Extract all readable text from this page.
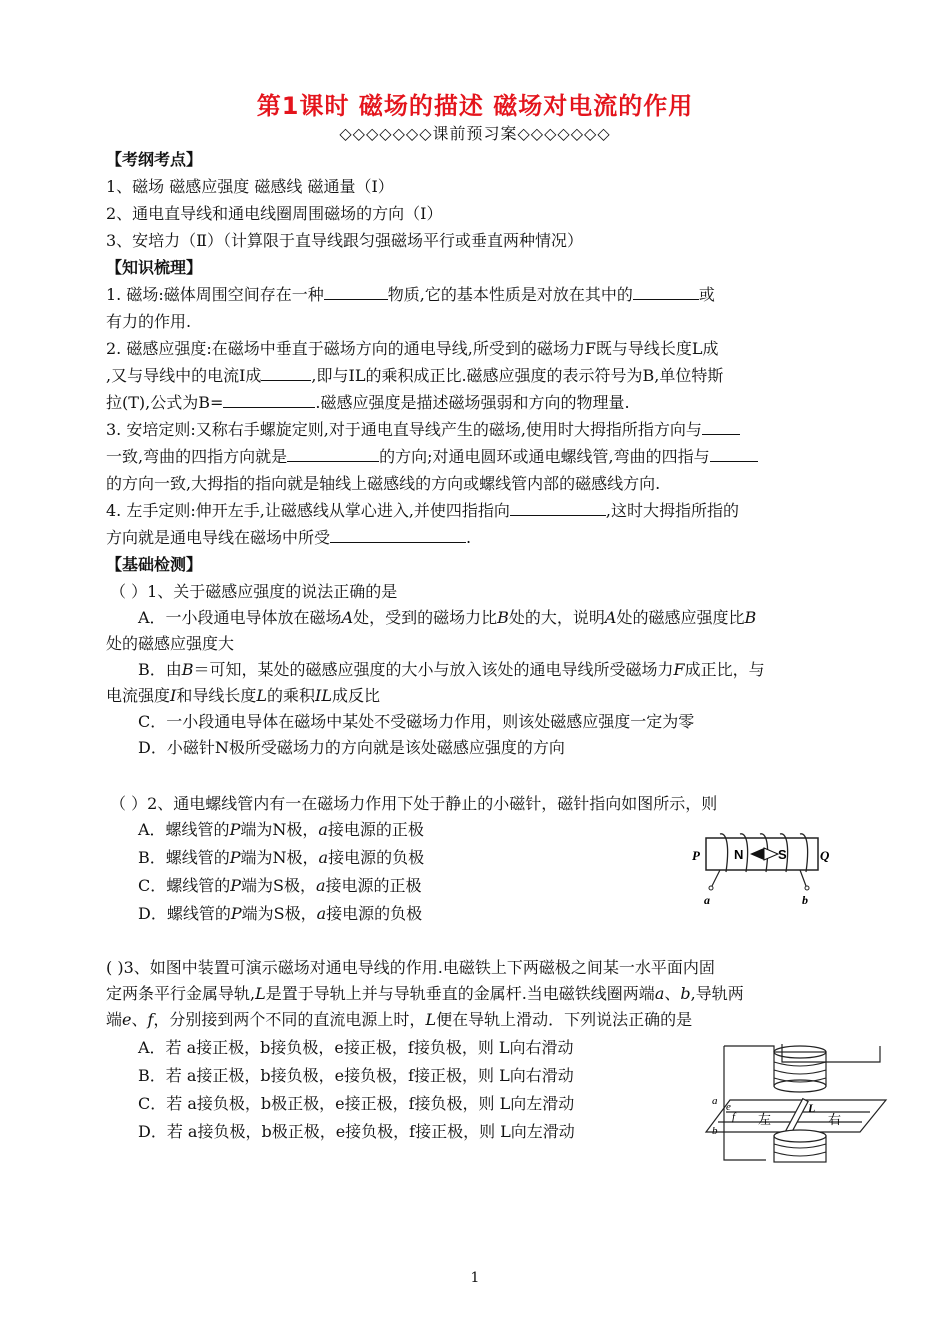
第1课时 磁场的描述 磁场对电流的作用
◇◇◇◇◇◇◇课前预习案◇◇◇◇◇◇◇
【考纲考点】
1、磁场 磁感应强度 磁感线 磁通量（Ⅰ）
2、通电直导线和通电线圈周围磁场的方向（Ⅰ）
3、安培力（Ⅱ）（计算限于直导线跟匀强磁场平行或垂直两种情况）
【知识梳理】
1. 磁场:磁体周围空间存在一种	物质,它的基本性质是对放在其中的	或
有力的作用.
2. 磁感应强度:在磁场中垂直于磁场方向的通电导线,所受到的磁场力F既与导线长度L成
,又与导线中的电流I成	,即与IL的乘积成正比.磁感应强度的表示符号为B,单位特斯
拉(T),公式为B=	.磁感应强度是描述磁场强弱和方向的物理量.
3. 安培定则:又称右手螺旋定则,对于通电直导线产生的磁场,使用时大拇指所指方向与
一致,弯曲的四指方向就是	的方向;对通电圆环或通电螺线管,弯曲的四指与
的方向一致,大拇指的指向就是轴线上磁感线的方向或螺线管内部的磁感线方向.
4. 左手定则:伸开左手,让磁感线从掌心进入,并使四指指向	,这时大拇指所指的
方向就是通电导线在磁场中所受	.
【基础检测】
（ ）1、关于磁感应强度的说法正确的是
A．一小段通电导体放在磁场A处，受到的磁场力比B处的大，说明A处的磁感应强度比B
处的磁感应强度大
B．由B＝可知，某处的磁感应强度的大小与放入该处的通电导线所受磁场力F成正比，与
电流强度I和导线长度L的乘积IL成反比
C．一小段通电导体在磁场中某处不受磁场力作用，则该处磁感应强度一定为零
D．小磁针N极所受磁场力的方向就是该处磁感应强度的方向
（ ）2、通电螺线管内有一在磁场力作用下处于静止的小磁针，磁针指向如图所示，则
A．螺线管的P端为N极，a接电源的正极
B．螺线管的P端为N极，a接电源的负极
C．螺线管的P端为S极，a接电源的正极
D．螺线管的P端为S极，a接电源的负极
N	S
P	Q
a	b
( )3、如图中装置可演示磁场对通电导线的作用.电磁铁上下两磁极之间某一水平面内固
定两条平行金属导轨,L是置于导轨上并与导轨垂直的金属杆.当电磁铁线圈两端a、b,导轨两
端e、f，分别接到两个不同的直流电源上时，L便在导轨上滑动．下列说法正确的是
A．若 a接正极，b接负极，e接正极，f接负极，则 L向右滑动
B．若 a接正极，b接负极，e接负极，f接正极，则 L向右滑动
C．若 a接负极，b极正极，e接正极，f接负极，则 L向左滑动
D．若 a接负极，b极正极，e接负极，f接正极，则 L向左滑动
a e
f
b
左
L
右
1
